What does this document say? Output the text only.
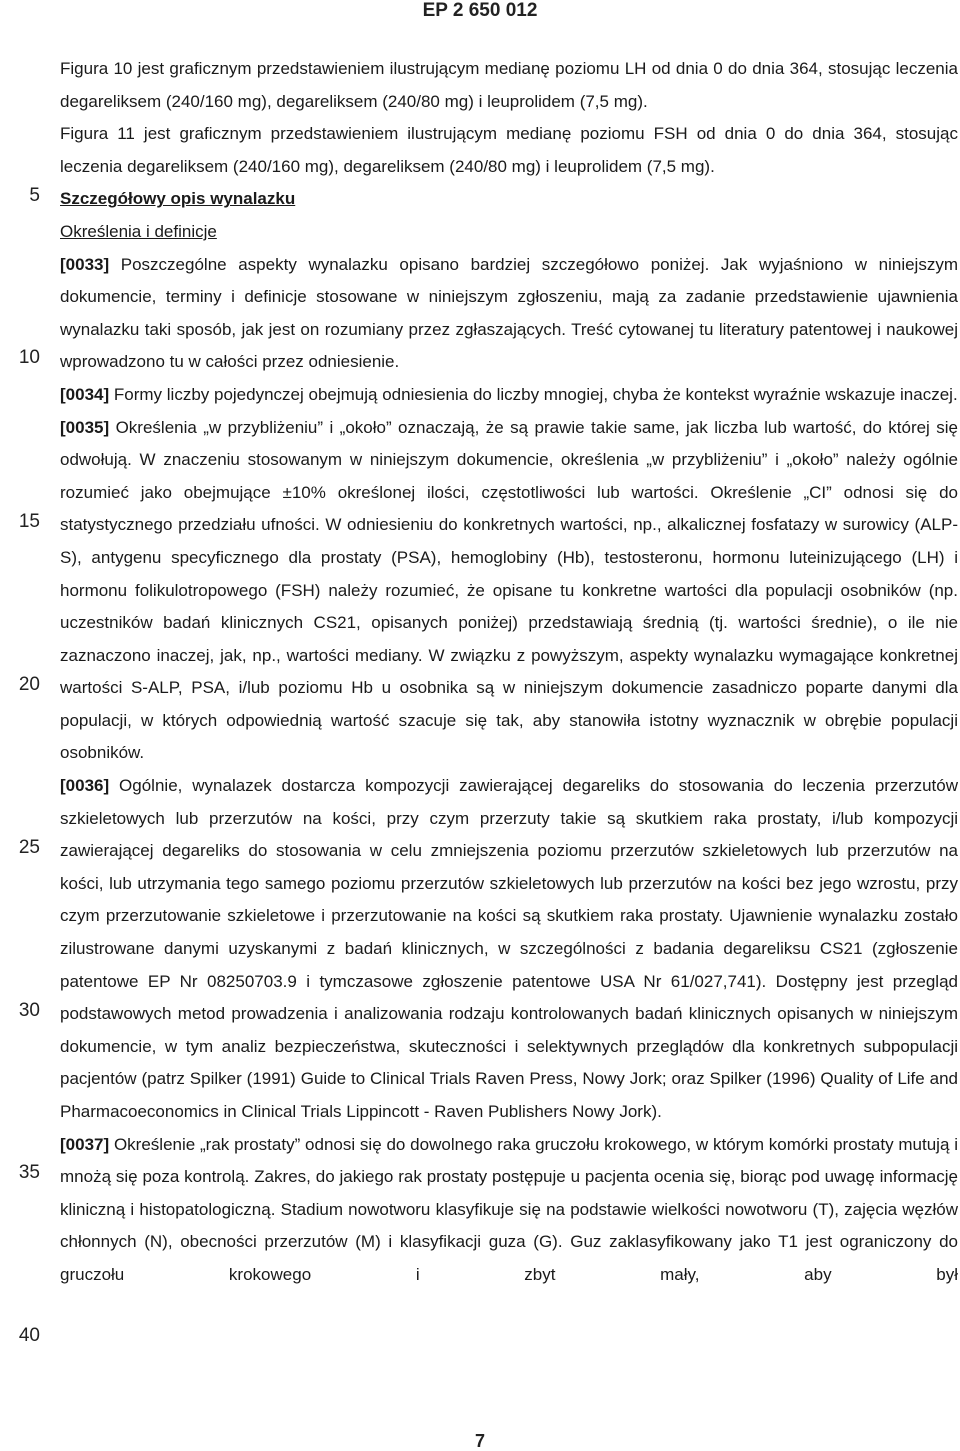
EP 2 650 012
5
10
15
20
25
30
35
40

Figura 10 jest graficznym przedstawieniem ilustrującym medianę poziomu LH od dnia 0 do dnia 364, stosując leczenia degareliksem (240/160 mg), degareliksem (240/80 mg) i leuprolidem (7,5 mg).

Figura 11 jest graficznym przedstawieniem ilustrującym medianę poziomu FSH od dnia 0 do dnia 364, stosując leczenia degareliksem (240/160 mg), degareliksem (240/80 mg) i leuprolidem (7,5 mg).

Szczegółowy opis wynalazku

Określenia i definicje

[0033] Poszczególne aspekty wynalazku opisano bardziej szczegółowo poniżej. Jak wyjaśniono w niniejszym dokumencie, terminy i definicje stosowane w niniejszym zgłoszeniu, mają za zadanie przedstawienie ujawnienia wynalazku taki sposób, jak jest on rozumiany przez zgłaszających. Treść cytowanej tu literatury patentowej i naukowej wprowadzono tu w całości przez odniesienie.

[0034] Formy liczby pojedynczej obejmują odniesienia do liczby mnogiej, chyba że kontekst wyraźnie wskazuje inaczej.

[0035] Określenia „w przybliżeniu” i „około” oznaczają, że są prawie takie same, jak liczba lub wartość, do której się odwołują. W znaczeniu stosowanym w niniejszym dokumencie, określenia „w przybliżeniu” i „około” należy ogólnie rozumieć jako obejmujące ±10% określonej ilości, częstotliwości lub wartości. Określenie „CI” odnosi się do statystycznego przedziału ufności. W odniesieniu do konkretnych wartości, np., alkalicznej fosfatazy w surowicy (ALP-S), antygenu specyficznego dla prostaty (PSA), hemoglobiny (Hb), testosteronu, hormonu luteinizującego (LH) i hormonu folikulotropowego (FSH) należy rozumieć, że opisane tu konkretne wartości dla populacji osobników (np. uczestników badań klinicznych CS21, opisanych poniżej) przedstawiają średnią (tj. wartości średnie), o ile nie zaznaczono inaczej, jak, np., wartości mediany. W związku z powyższym, aspekty wynalazku wymagające konkretnej wartości S-ALP, PSA, i/lub poziomu Hb u osobnika są w niniejszym dokumencie zasadniczo poparte danymi dla populacji, w których odpowiednią wartość szacuje się tak, aby stanowiła istotny wyznacznik w obrębie populacji osobników.

[0036] Ogólnie, wynalazek dostarcza kompozycji zawierającej degareliks do stosowania do leczenia przerzutów szkieletowych lub przerzutów na kości, przy czym przerzuty takie są skutkiem raka prostaty, i/lub kompozycji zawierającej degareliks do stosowania w celu zmniejszenia poziomu przerzutów szkieletowych lub przerzutów na kości, lub utrzymania tego samego poziomu przerzutów szkieletowych lub przerzutów na kości bez jego wzrostu, przy czym przerzutowanie szkieletowe i przerzutowanie na kości są skutkiem raka prostaty. Ujawnienie wynalazku zostało zilustrowane danymi uzyskanymi z badań klinicznych, w szczególności z badania degareliksu CS21 (zgłoszenie patentowe EP Nr 08250703.9 i tymczasowe zgłoszenie patentowe USA Nr 61/027,741). Dostępny jest przegląd podstawowych metod prowadzenia i analizowania rodzaju kontrolowanych badań klinicznych opisanych w niniejszym dokumencie, w tym analiz bezpieczeństwa, skuteczności i selektywnych przeglądów dla konkretnych subpopulacji pacjentów (patrz Spilker (1991) Guide to Clinical Trials Raven Press, Nowy Jork; oraz Spilker (1996) Quality of Life and Pharmacoeconomics in Clinical Trials Lippincott - Raven Publishers Nowy Jork).

[0037] Określenie „rak prostaty” odnosi się do dowolnego raka gruczołu krokowego, w którym komórki prostaty mutują i mnożą się poza kontrolą. Zakres, do jakiego rak prostaty postępuje u pacjenta ocenia się, biorąc pod uwagę informację kliniczną i histopatologiczną. Stadium nowotworu klasyfikuje się na podstawie wielkości nowotworu (T), zajęcia węzłów chłonnych (N), obecności przerzutów (M) i klasyfikacji guza (G). Guz zaklasyfikowany jako T1 jest ograniczony do gruczołu krokowego i zbyt mały, aby był

7
